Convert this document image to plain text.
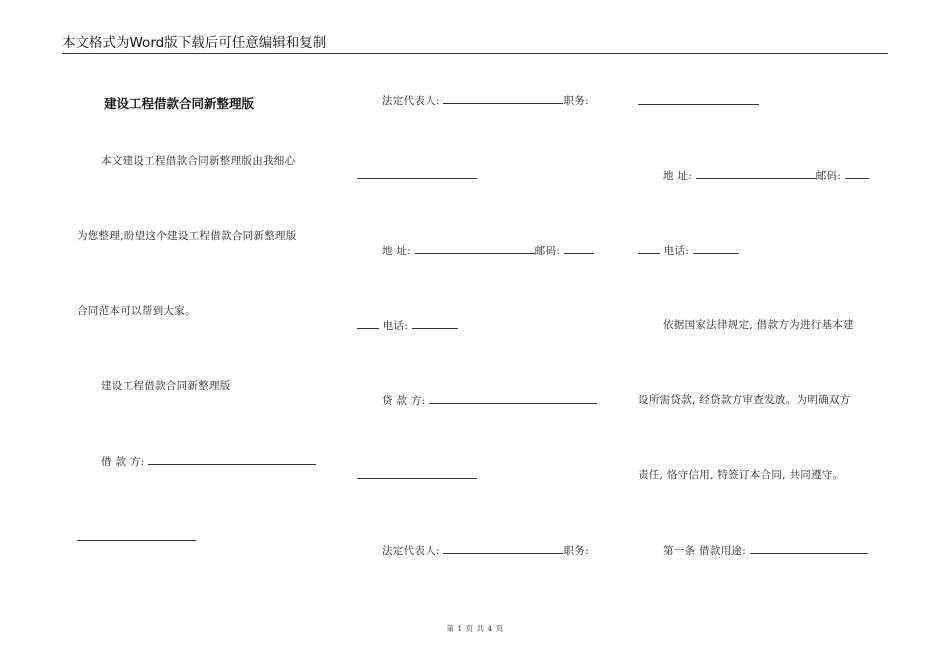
本文格式为Word版下载后可任意编辑和复制
建设工程借款合同新整理版
本文建设工程借款合同新整理版由我细心
为您整理,盼望这个建设工程借款合同新整理版
合同范本可以帮到大家。
建设工程借款合同新整理版
借 款 方:
法定代表人:	职务:
地 址:	邮码:
电话:
贷 款 方:
法定代表人:	职务:
地 址:	邮码:
电话:
依据国家法律规定, 借款方为进行基本建
设所需贷款, 经贷款方审查发放。为明确双方
责任, 恪守信用, 特签订本合同, 共同遵守。
第一条 借款用途:
第 1 页 共 4 页
